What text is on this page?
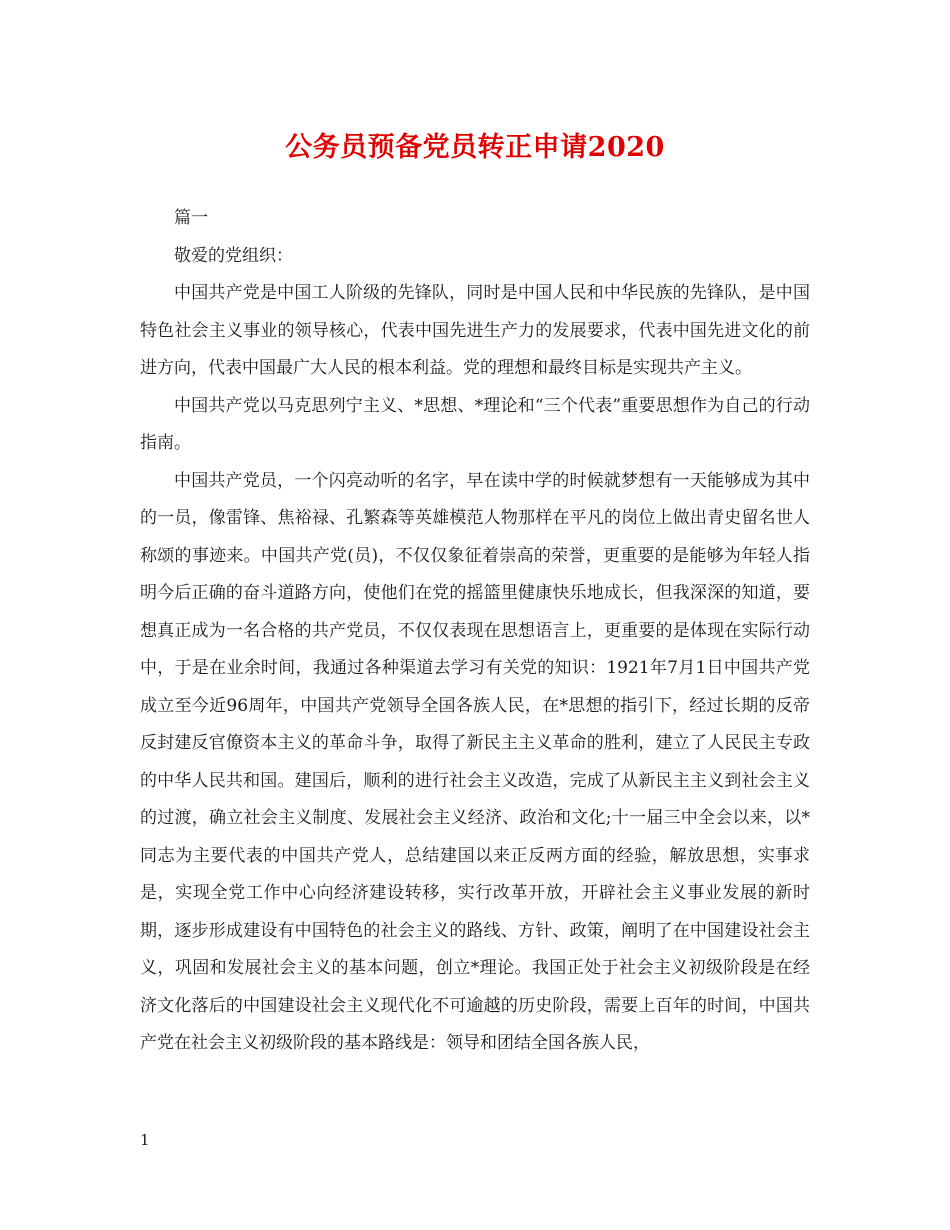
公务员预备党员转正申请2020

篇一

敬爱的党组织：

中国共产党是中国工人阶级的先锋队，同时是中国人民和中华民族的先锋队，是中国特色社会主义事业的领导核心，代表中国先进生产力的发展要求，代表中国先进文化的前进方向，代表中国最广大人民的根本利益。党的理想和最终目标是实现共产主义。

中国共产党以马克思列宁主义、*思想、*理论和“三个代表”重要思想作为自己的行动指南。

中国共产党员，一个闪亮动听的名字，早在读中学的时候就梦想有一天能够成为其中的一员，像雷锋、焦裕禄、孔繁森等英雄模范人物那样在平凡的岗位上做出青史留名世人称颂的事迹来。中国共产党(员)，不仅仅象征着崇高的荣誉，更重要的是能够为年轻人指明今后正确的奋斗道路方向，使他们在党的摇篮里健康快乐地成长，但我深深的知道，要想真正成为一名合格的共产党员，不仅仅表现在思想语言上，更重要的是体现在实际行动中，于是在业余时间，我通过各种渠道去学习有关党的知识：1921年7月1日中国共产党成立至今近96周年，中国共产党领导全国各族人民，在*思想的指引下，经过长期的反帝反封建反官僚资本主义的革命斗争，取得了新民主主义革命的胜利，建立了人民民主专政的中华人民共和国。建国后，顺利的进行社会主义改造，完成了从新民主主义到社会主义的过渡，确立社会主义制度、发展社会主义经济、政治和文化;十一届三中全会以来，以*同志为主要代表的中国共产党人，总结建国以来正反两方面的经验，解放思想，实事求是，实现全党工作中心向经济建设转移，实行改革开放，开辟社会主义事业发展的新时期，逐步形成建设有中国特色的社会主义的路线、方针、政策，阐明了在中国建设社会主义，巩固和发展社会主义的基本问题，创立*理论。我国正处于社会主义初级阶段是在经济文化落后的中国建设社会主义现代化不可逾越的历史阶段，需要上百年的时间，中国共产党在社会主义初级阶段的基本路线是：领导和团结全国各族人民，

1
